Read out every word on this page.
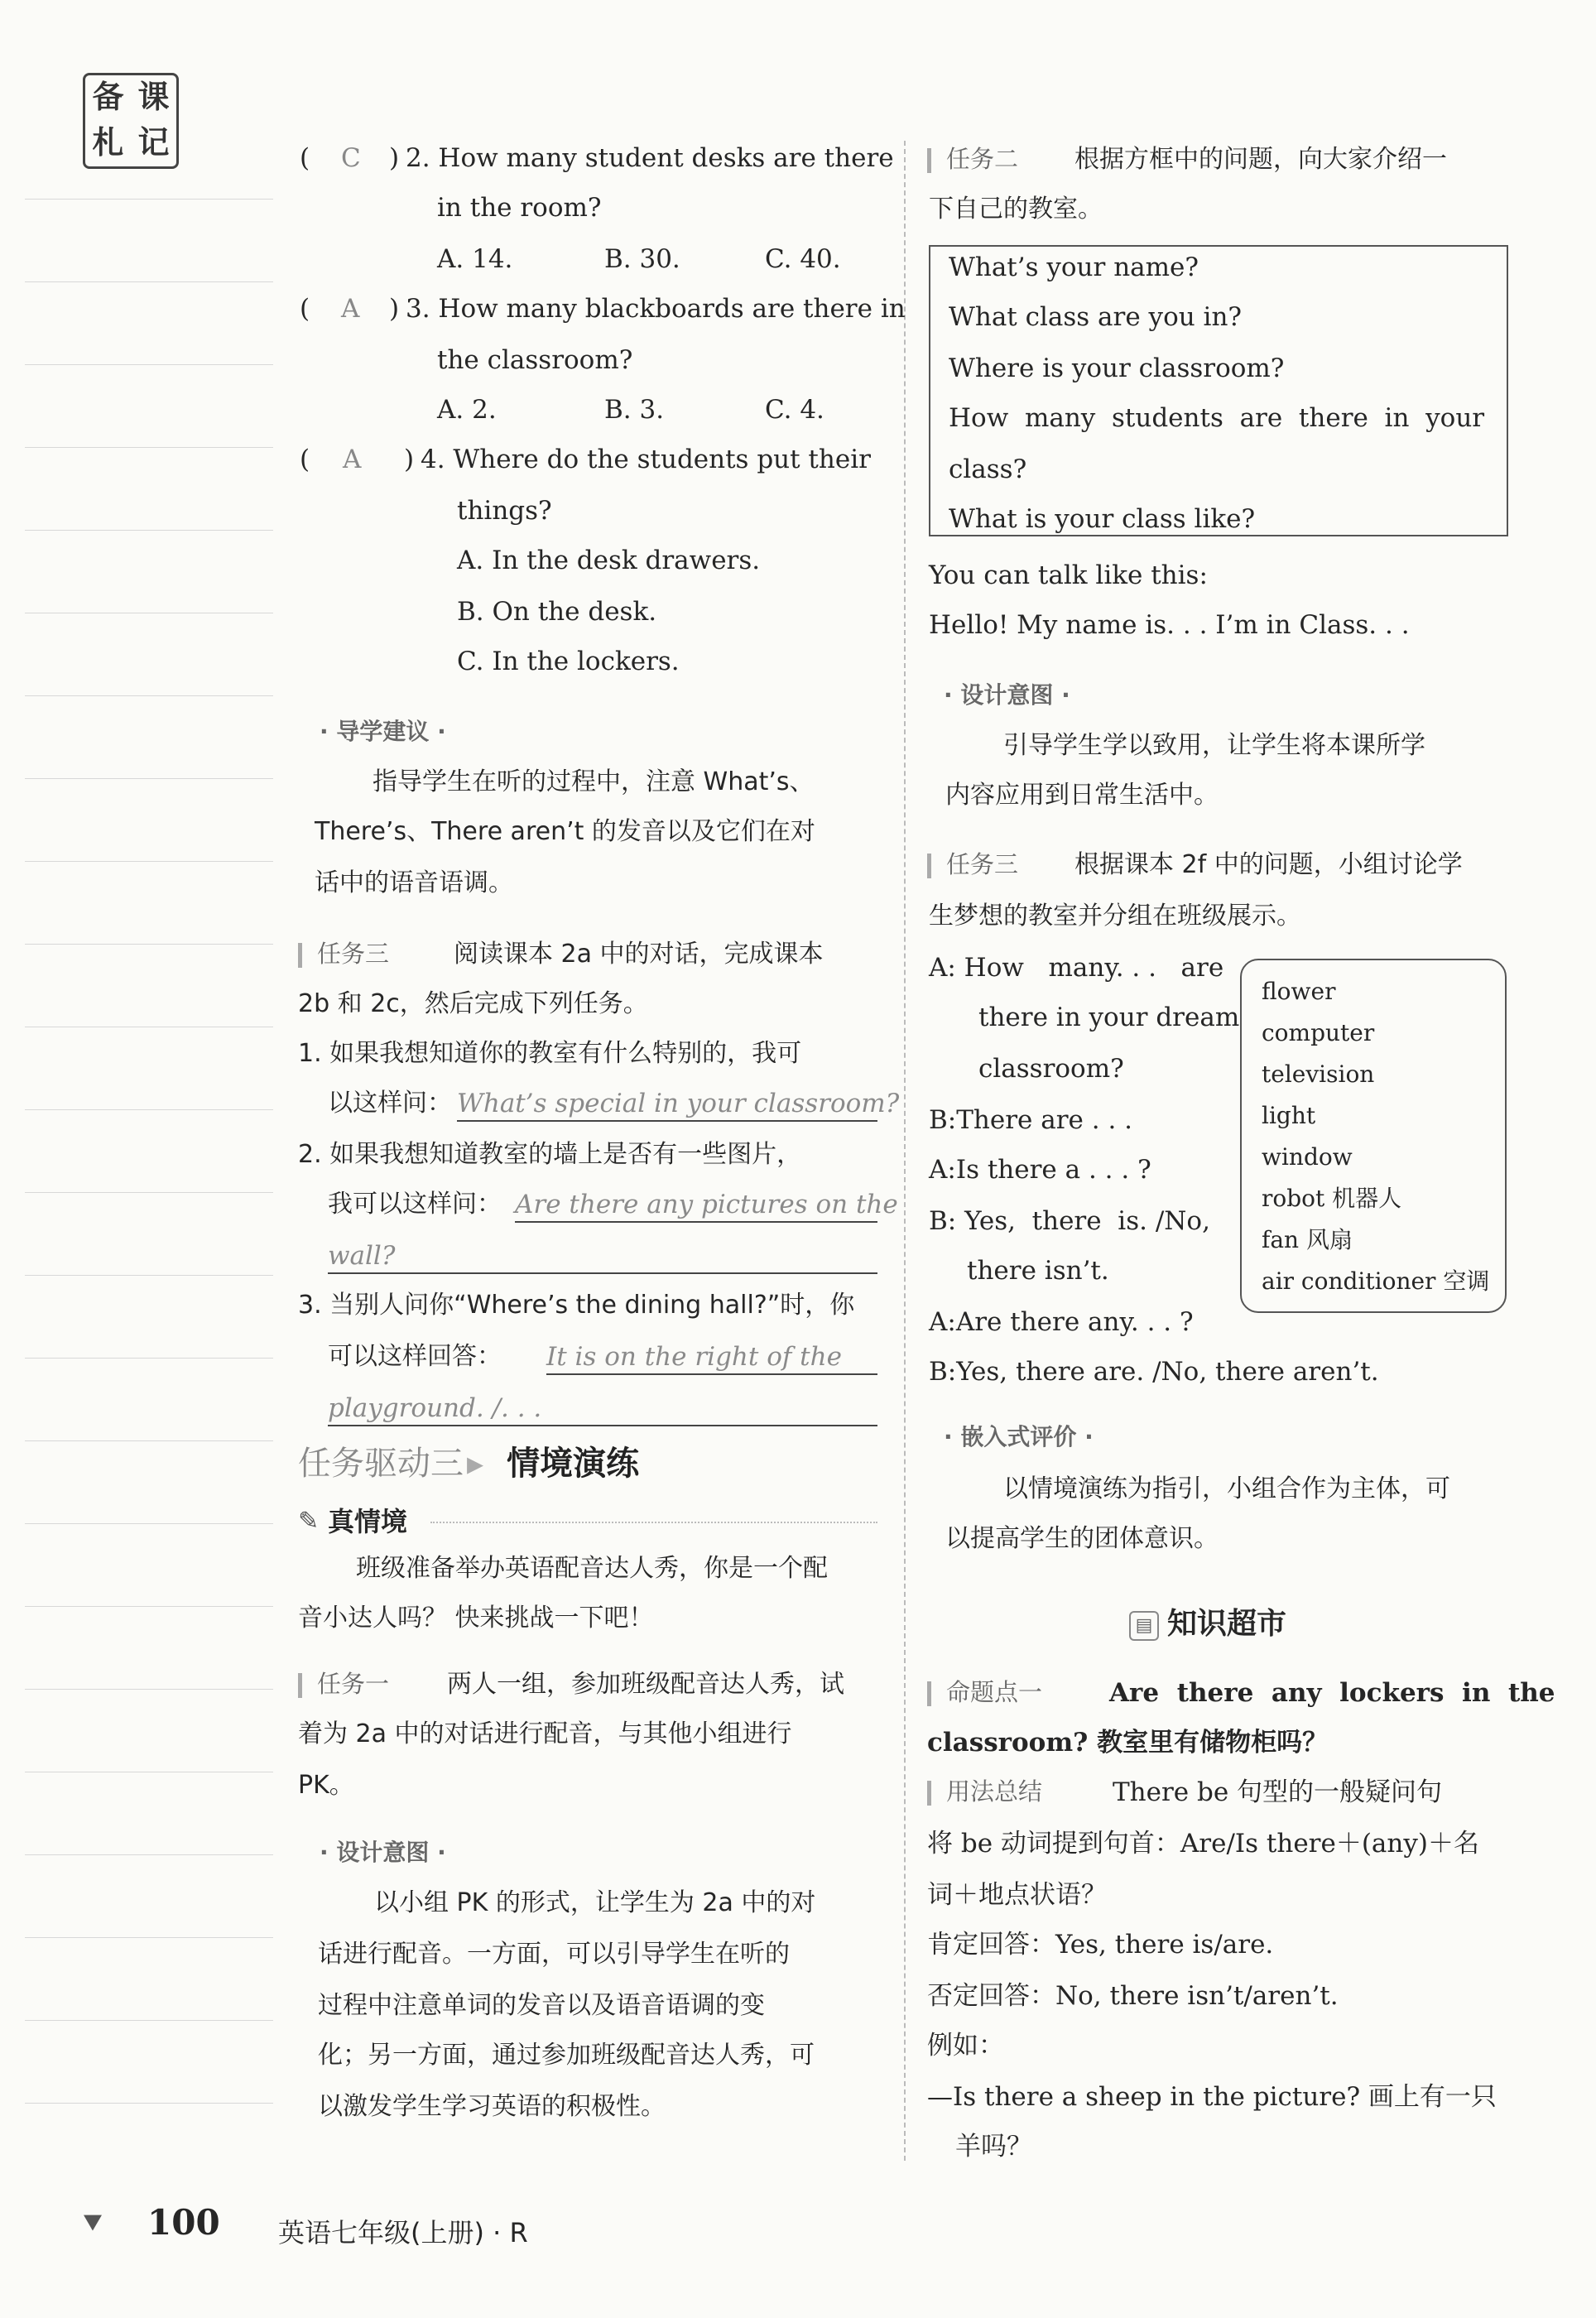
备 课
札 记	( C ) 2. How many student desks are there
in the room?
A. 14.	B. 30.	C. 40.
( A ) 3. How many blackboards are there in
the classroom?
A. 2.	B. 3.	C. 4.
( A ) 4. Where do the students put their
things?
A. In the desk drawers.
B. On the desk.
C. In the lockers.
· 导学建议 ·
指导学生在听的过程中，注意 What’s、
There’s、There aren’t 的发音以及它们在对
话中的语音语调。
任务三	阅读课本 2a 中的对话，完成课本
2b 和 2c，然后完成下列任务。
1. 如果我想知道你的教室有什么特别的，我可
以这样问： What’s special in your classroom?
2. 如果我想知道教室的墙上是否有一些图片，
我可以这样问： Are there any pictures on the
wall?
3. 当别人问你“Where’s the dining hall?”时，你
可以这样回答： It is on the right of the
playground. /. . .
任务驱动三 ▸ 情境演练
✎ 真情境
班级准备举办英语配音达人秀，你是一个配
音小达人吗？ 快来挑战一下吧！
任务一 两人一组，参加班级配音达人秀，试
着为 2a 中的对话进行配音，与其他小组进行
PK。
· 设计意图 ·
以小组 PK 的形式，让学生为 2a 中的对
话进行配音。一方面，可以引导学生在听的
过程中注意单词的发音以及语音语调的变
化；另一方面，通过参加班级配音达人秀，可
以激发学生学习英语的积极性。
任务二 根据方框中的问题，向大家介绍一
下自己的教室。
What’s your name?
What class are you in?
Where is your classroom?
How  many  students  are  there  in  your
class?
What is your class like?
You can talk like this:
Hello! My name is. . . I’m in Class. . .
· 设计意图 ·
引导学生学以致用，让学生将本课所学
内容应用到日常生活中。
任务三 根据课本 2f 中的问题，小组讨论学
生梦想的教室并分组在班级展示。
A: How   many. . .   are
there in your dream
classroom?
B:There are . . .
A:Is there a . . . ?
B: Yes,  there  is. /No,
there isn’t.
A:Are there any. . . ?
B:Yes, there are. /No, there aren’t.
flower
computer
television
light
window
robot 机器人
fan 风扇
air conditioner 空调
· 嵌入式评价 ·
以情境演练为指引，小组合作为主体，可
以提高学生的团体意识。
▤ 知识超市
命题点一	Are  there  any  lockers  in  the
classroom? 教室里有储物柜吗？
用法总结	There be 句型的一般疑问句
将 be 动词提到句首：Are/Is there＋(any)＋名
词＋地点状语？
肯定回答：Yes, there is/are.
否定回答：No, there isn’t/aren’t.
例如：
—Is there a sheep in the picture? 画上有一只
羊吗？
⯆ 100 英语七年级(上册) · R
